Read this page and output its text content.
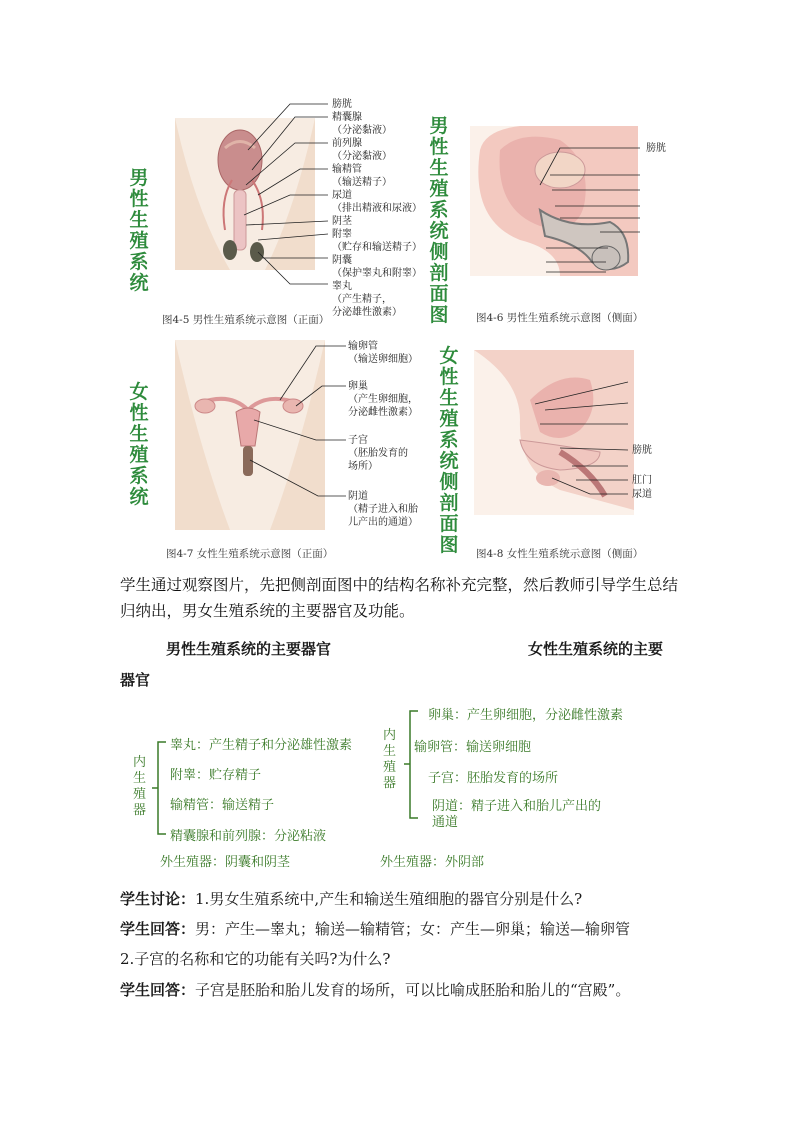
男性生殖系统
男性生殖系统侧剖面图
女性生殖系统
女性生殖系统侧剖面图
膀胱
精囊腺
（分泌黏液）
前列腺
（分泌黏液）
输精管
（输送精子）
尿道
（排出精液和尿液）
阴茎
附睾
（贮存和输送精子）
阴囊
（保护睾丸和附睾）
睾丸
（产生精子，
分泌雄性激素）
图4-5 男性生殖系统示意图（正面）
膀胱
图4-6 男性生殖系统示意图（侧面）
输卵管
（输送卵细胞）
卵巢
（产生卵细胞，
分泌雌性激素）
子宫
（胚胎发育的
场所）
阴道
（精子进入和胎
儿产出的通道）
图4-7 女性生殖系统示意图（正面）
膀胱
肛门
尿道
图4-8 女性生殖系统示意图（侧面）
学生通过观察图片，先把侧剖面图中的结构名称补充完整，然后教师引导学生总结归纳出，男女生殖系统的主要器官及功能。
男性生殖系统的主要器官	女性生殖系统的主要
器官
内生殖器
睾丸：产生精子和分泌雄性激素
附睾：贮存精子
输精管：输送精子
精囊腺和前列腺：分泌粘液
外生殖器：阴囊和阴茎
内生殖器
卵巢：产生卵细胞，分泌雌性激素
输卵管：输送卵细胞
子宫：胚胎发育的场所
阴道：精子进入和胎儿产出的通道
外生殖器：外阴部
学生讨论：1.男女生殖系统中,产生和输送生殖细胞的器官分别是什么?
学生回答：男：产生—睾丸；输送—输精管；女：产生—卵巢；输送—输卵管
2.子宫的名称和它的功能有关吗?为什么?
学生回答：子宫是胚胎和胎儿发育的场所，可以比喻成胚胎和胎儿的“宫殿”。
